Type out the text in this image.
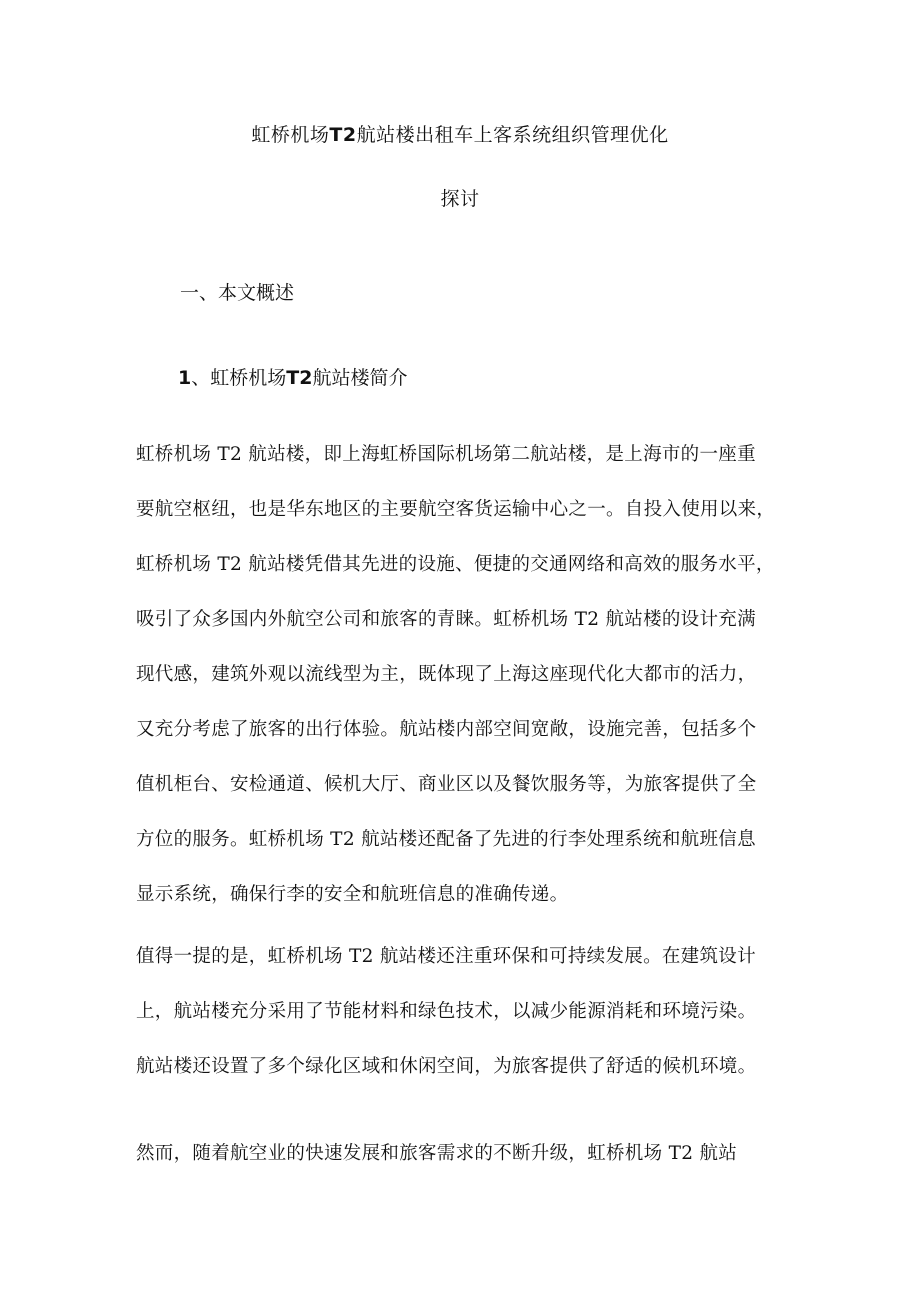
虹桥机场T2航站楼出租车上客系统组织管理优化
探讨
一、本文概述
1、虹桥机场T2航站楼简介
虹桥机场 T2 航站楼，即上海虹桥国际机场第二航站楼，是上海市的一座重
要航空枢纽，也是华东地区的主要航空客货运输中心之一。自投入使用以来，
虹桥机场 T2 航站楼凭借其先进的设施、便捷的交通网络和高效的服务水平，
吸引了众多国内外航空公司和旅客的青睐。虹桥机场 T2 航站楼的设计充满
现代感，建筑外观以流线型为主，既体现了上海这座现代化大都市的活力，
又充分考虑了旅客的出行体验。航站楼内部空间宽敞，设施完善，包括多个
值机柜台、安检通道、候机大厅、商业区以及餐饮服务等，为旅客提供了全
方位的服务。虹桥机场 T2 航站楼还配备了先进的行李处理系统和航班信息
显示系统，确保行李的安全和航班信息的准确传递。
值得一提的是，虹桥机场 T2 航站楼还注重环保和可持续发展。在建筑设计
上，航站楼充分采用了节能材料和绿色技术，以减少能源消耗和环境污染。
航站楼还设置了多个绿化区域和休闲空间，为旅客提供了舒适的候机环境。
然而，随着航空业的快速发展和旅客需求的不断升级，虹桥机场 T2 航站
